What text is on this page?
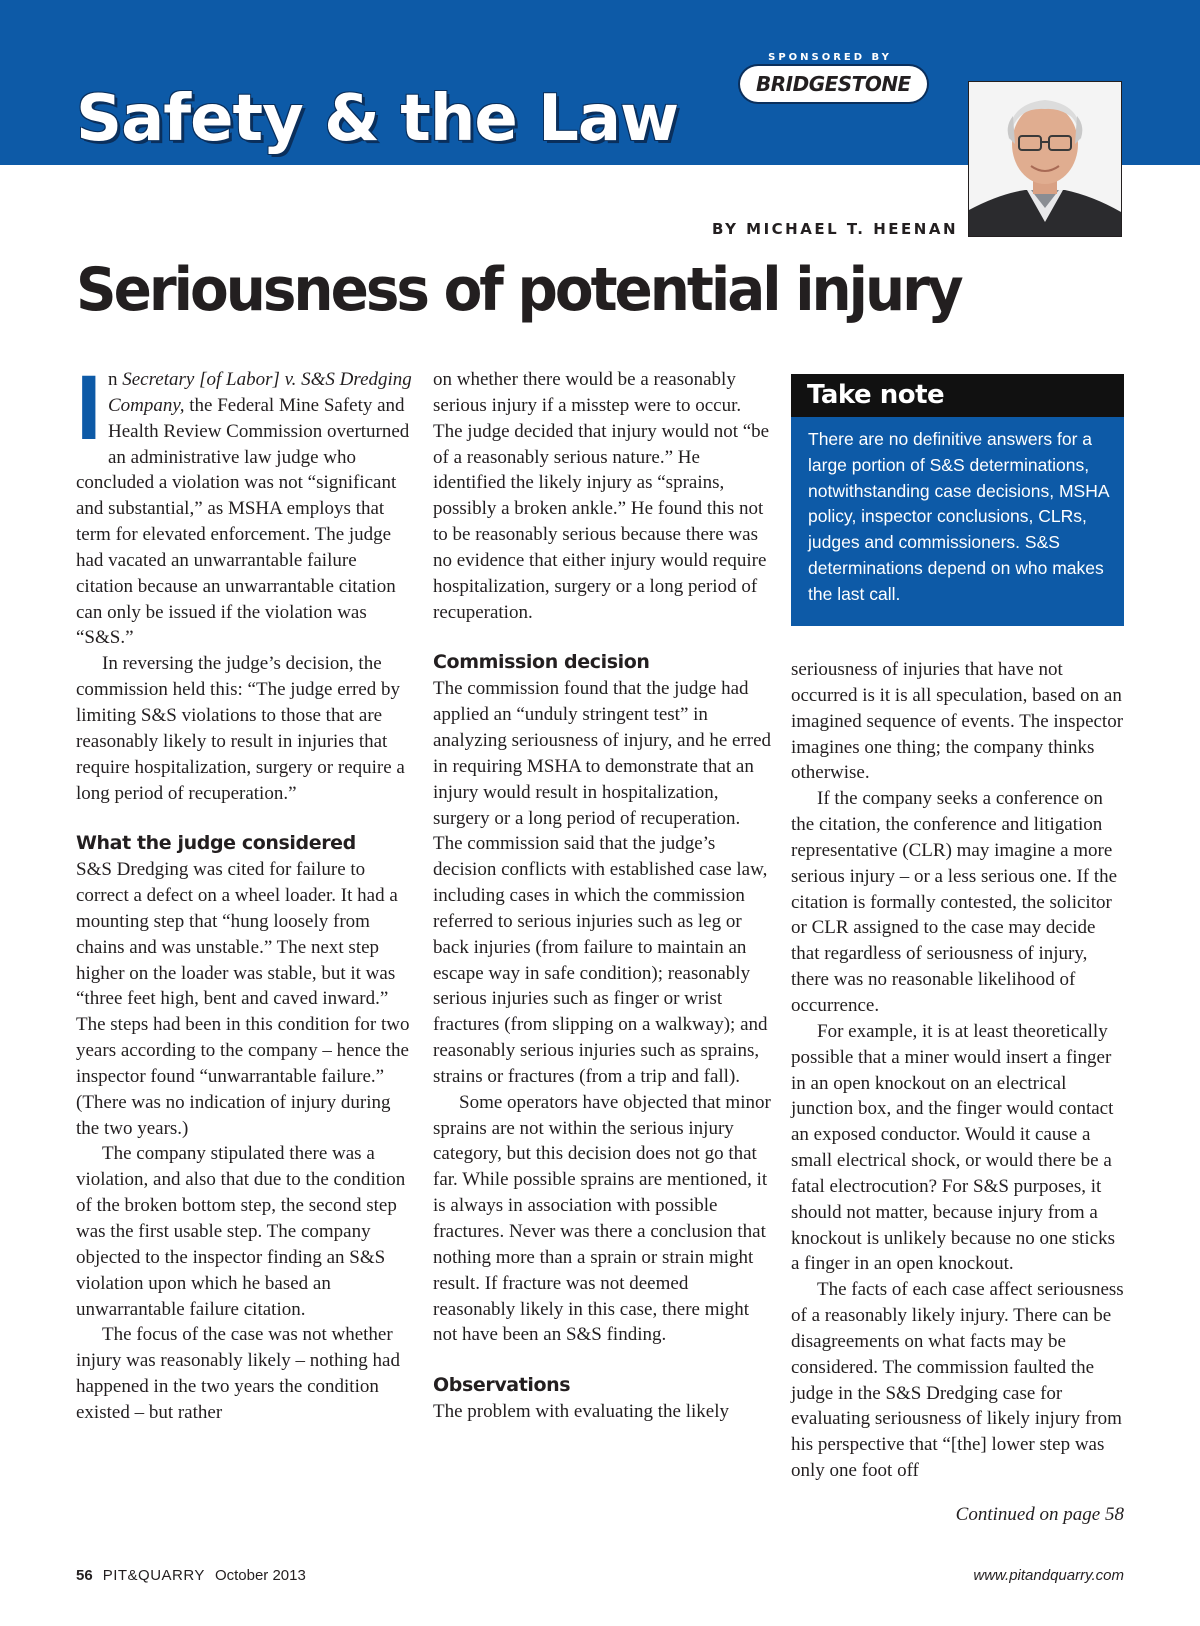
Safety & the Law
SPONSORED BY
BRIDGESTONE
BY MICHAEL T. HEENAN
Seriousness of potential injury

In Secretary [of Labor] v. S&S Dredging Company, the Federal Mine Safety and Health Review Commission overturned an administrative law judge who concluded a violation was not “significant and substantial,” as MSHA employs that term for elevated enforcement. The judge had vacated an unwarrantable failure citation because an unwarrantable citation can only be issued if the violation was “S&S.”

In reversing the judge’s decision, the commission held this: “The judge erred by limiting S&S violations to those that are reasonably likely to result in injuries that require hospitalization, surgery or require a long period of recuperation.”

What the judge considered

S&S Dredging was cited for failure to correct a defect on a wheel loader. It had a mounting step that “hung loosely from chains and was unstable.” The next step higher on the loader was stable, but it was “three feet high, bent and caved inward.” The steps had been in this condition for two years according to the company – hence the inspector found “unwarrantable failure.” (There was no indication of injury during the two years.)

The company stipulated there was a violation, and also that due to the condition of the broken bottom step, the second step was the first usable step. The company objected to the inspector finding an S&S violation upon which he based an unwarrantable failure citation.

The focus of the case was not whether injury was reasonably likely – nothing had happened in the two years the condition existed – but rather

on whether there would be a reasonably serious injury if a misstep were to occur. The judge decided that injury would not “be of a reasonably serious nature.” He identified the likely injury as “sprains, possibly a broken ankle.” He found this not to be reasonably serious because there was no evidence that either injury would require hospitalization, surgery or a long period of recuperation.

Commission decision

The commission found that the judge had applied an “unduly stringent test” in analyzing seriousness of injury, and he erred in requiring MSHA to demonstrate that an injury would result in hospitalization, surgery or a long period of recuperation. The commission said that the judge’s decision conflicts with established case law, including cases in which the commission referred to serious injuries such as leg or back injuries (from failure to maintain an escape way in safe condition); reasonably serious injuries such as finger or wrist fractures (from slipping on a walkway); and reasonably serious injuries such as sprains, strains or fractures (from a trip and fall).

Some operators have objected that minor sprains are not within the serious injury category, but this decision does not go that far. While possible sprains are mentioned, it is always in association with possible fractures. Never was there a conclusion that nothing more than a sprain or strain might result. If fracture was not deemed reasonably likely in this case, there might not have been an S&S finding.

Observations

The problem with evaluating the likely

Take note
There are no definitive answers for a large portion of S&S determinations, notwithstanding case decisions, MSHA policy, inspector conclusions, CLRs, judges and commissioners. S&S determinations depend on who makes the last call.

seriousness of injuries that have not occurred is it is all speculation, based on an imagined sequence of events. The inspector imagines one thing; the company thinks otherwise.

If the company seeks a conference on the citation, the conference and litigation representative (CLR) may imagine a more serious injury – or a less serious one. If the citation is formally contested, the solicitor or CLR assigned to the case may decide that regardless of seriousness of injury, there was no reasonable likelihood of occurrence.

For example, it is at least theoretically possible that a miner would insert a finger in an open knockout on an electrical junction box, and the finger would contact an exposed conductor. Would it cause a small electrical shock, or would there be a fatal electrocution? For S&S purposes, it should not matter, because injury from a knockout is unlikely because no one sticks a finger in an open knockout.

The facts of each case affect seriousness of a reasonably likely injury. There can be disagreements on what facts may be considered. The commission faulted the judge in the S&S Dredging case for evaluating seriousness of likely injury from his perspective that “[the] lower step was only one foot off

Continued on page 58
56 PIT&QUARRY October 2013	www.pitandquarry.com
